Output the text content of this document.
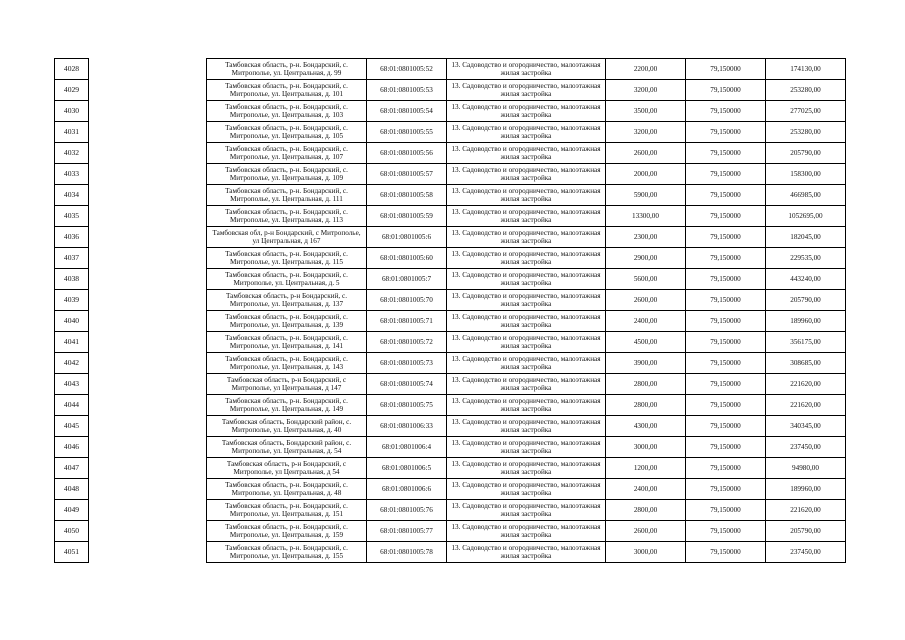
4028		Тамбовская область, р-н. Бондарский, с. Митрополье, ул. Центральная, д. 99	68:01:0801005:52	13. Садоводство и огородничество, малоэтажная жилая застройка	2200,00	79,150000	174130,00
4029		Тамбовская область, р-н. Бондарский, с. Митрополье, ул. Центральная, д. 101	68:01:0801005:53	13. Садоводство и огородничество, малоэтажная жилая застройка	3200,00	79,150000	253280,00
4030		Тамбовская область, р-н. Бондарский, с. Митрополье, ул. Центральная, д. 103	68:01:0801005:54	13. Садоводство и огородничество, малоэтажная жилая застройка	3500,00	79,150000	277025,00
4031		Тамбовская область, р-н. Бондарский, с. Митрополье, ул. Центральная, д. 105	68:01:0801005:55	13. Садоводство и огородничество, малоэтажная жилая застройка	3200,00	79,150000	253280,00
4032		Тамбовская область, р-н. Бондарский, с. Митрополье, ул. Центральная, д. 107	68:01:0801005:56	13. Садоводство и огородничество, малоэтажная жилая застройка	2600,00	79,150000	205790,00
4033		Тамбовская область, р-н. Бондарский, с. Митрополье, ул. Центральная, д. 109	68:01:0801005:57	13. Садоводство и огородничество, малоэтажная жилая застройка	2000,00	79,150000	158300,00
4034		Тамбовская область, р-н. Бондарский, с. Митрополье, ул. Центральная, д. 111	68:01:0801005:58	13. Садоводство и огородничество, малоэтажная жилая застройка	5900,00	79,150000	466985,00
4035		Тамбовская область, р-н. Бондарский, с. Митрополье, ул. Центральная, д. 113	68:01:0801005:59	13. Садоводство и огородничество, малоэтажная жилая застройка	13300,00	79,150000	1052695,00
4036		Тамбовская обл, р-н Бондарский, с Митрополье, ул Центральная, д 167	68:01:0801005:6	13. Садоводство и огородничество, малоэтажная жилая застройка	2300,00	79,150000	182045,00
4037		Тамбовская область, р-н. Бондарский, с. Митрополье, ул. Центральная, д. 115	68:01:0801005:60	13. Садоводство и огородничество, малоэтажная жилая застройка	2900,00	79,150000	229535,00
4038		Тамбовская область, р-н. Бондарский, с. Митрополье, ул. Центральная, д. 5	68:01:0801005:7	13. Садоводство и огородничество, малоэтажная жилая застройка	5600,00	79,150000	443240,00
4039		Тамбовская область, р-н Бондарский, с. Митрополье, ул. Центральная, д. 137	68:01:0801005:70	13. Садоводство и огородничество, малоэтажная жилая застройка	2600,00	79,150000	205790,00
4040		Тамбовская область, р-н. Бондарский, с. Митрополье, ул. Центральная, д. 139	68:01:0801005:71	13. Садоводство и огородничество, малоэтажная жилая застройка	2400,00	79,150000	189960,00
4041		Тамбовская область, р-н. Бондарский, с. Митрополье, ул. Центральная, д. 141	68:01:0801005:72	13. Садоводство и огородничество, малоэтажная жилая застройка	4500,00	79,150000	356175,00
4042		Тамбовская область, р-н. Бондарский, с. Митрополье, ул. Центральная, д. 143	68:01:0801005:73	13. Садоводство и огородничество, малоэтажная жилая застройка	3900,00	79,150000	308685,00
4043		Тамбовская область, р-н Бондарский, с Митрополье, ул Центральная, д 147	68:01:0801005:74	13. Садоводство и огородничество, малоэтажная жилая застройка	2800,00	79,150000	221620,00
4044		Тамбовская область, р-н. Бондарский, с. Митрополье, ул. Центральная, д. 149	68:01:0801005:75	13. Садоводство и огородничество, малоэтажная жилая застройка	2800,00	79,150000	221620,00
4045		Тамбовская область, Бондарский район, с. Митрополье, ул. Центральная, д. 40	68:01:0801006:33	13. Садоводство и огородничество, малоэтажная жилая застройка	4300,00	79,150000	340345,00
4046		Тамбовская область, Бондарский район, с. Митрополье, ул. Центральная, д. 54	68:01:0801006:4	13. Садоводство и огородничество, малоэтажная жилая застройка	3000,00	79,150000	237450,00
4047		Тамбовская область, р-н Бондарский, с Митрополье, ул Центральная, д 54	68:01:0801006:5	13. Садоводство и огородничество, малоэтажная жилая застройка	1200,00	79,150000	94980,00
4048		Тамбовская область, р-н. Бондарский, с. Митрополье, ул. Центральная, д. 48	68:01:0801006:6	13. Садоводство и огородничество, малоэтажная жилая застройка	2400,00	79,150000	189960,00
4049		Тамбовская область, р-н. Бондарский, с. Митрополье, ул. Центральная, д. 151	68:01:0801005:76	13. Садоводство и огородничество, малоэтажная жилая застройка	2800,00	79,150000	221620,00
4050		Тамбовская область, р-н. Бондарский, с. Митрополье, ул. Центральная, д. 159	68:01:0801005:77	13. Садоводство и огородничество, малоэтажная жилая застройка	2600,00	79,150000	205790,00
4051		Тамбовская область, р-н. Бондарский, с. Митрополье, ул. Центральная, д. 155	68:01:0801005:78	13. Садоводство и огородничество, малоэтажная жилая застройка	3000,00	79,150000	237450,00
